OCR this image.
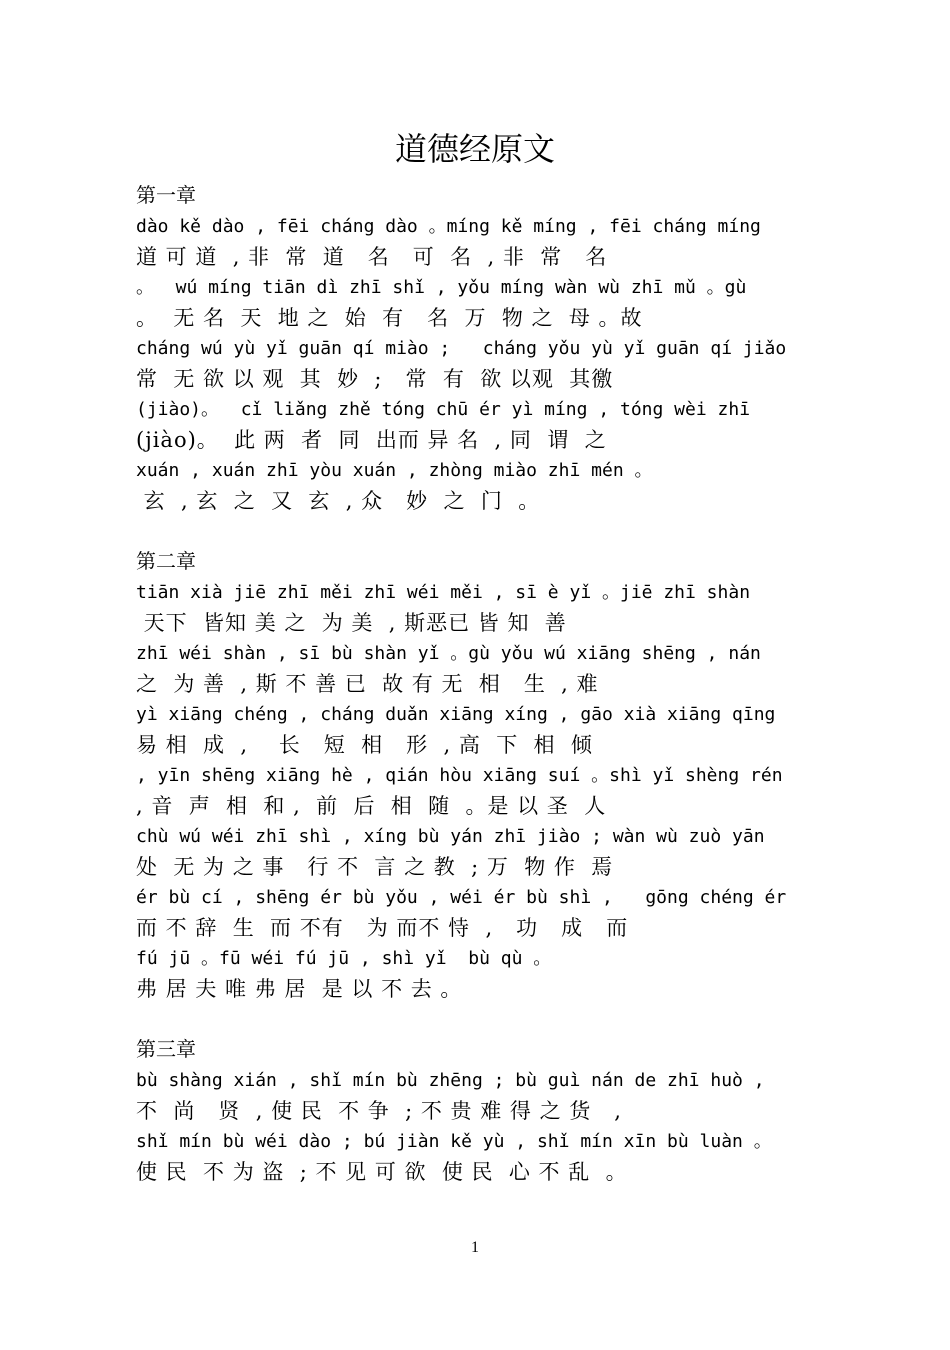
道德经原文
第一章
dào kě dào , fēi cháng dào 。míng kě míng , fēi cháng míng
道 可 道  , 非  常  道   名   可  名  , 非  常   名
。  wú míng tiān dì zhī shǐ , yǒu míng wàn wù zhī mǔ 。gù
。  无 名  天  地 之  始  有   名  万  物 之  母 。故
cháng wú yù yǐ guān qí miào ;   cháng yǒu yù yǐ guān qí jiǎo
常  无 欲 以 观  其  妙  ;   常  有  欲 以观  其徼
(jiào)。  cǐ liǎng zhě tóng chū ér yì míng , tóng wèi zhī
(jiào)。  此 两  者  同  出而 异 名  , 同  谓  之
xuán , xuán zhī yòu xuán , zhòng miào zhī mén 。
玄  , 玄  之  又  玄  , 众   妙  之  门  。
第二章
tiān xià jiē zhī měi zhī wéi měi , sī è yǐ 。jiē zhī shàn
天下  皆知 美 之  为 美  , 斯恶已 皆 知  善
zhī wéi shàn , sī bù shàn yǐ 。gù yǒu wú xiāng shēng , nán
之  为 善  , 斯 不 善 已  故 有 无  相   生  , 难
yì xiāng chéng , cháng duǎn xiāng xíng , gāo xià xiāng qīng
易 相  成  ,    长   短  相   形  , 高  下  相  倾
, yīn shēng xiāng hè , qián hòu xiāng suí 。shì yǐ shèng rén
, 音  声  相  和 ,  前  后  相  随  。是 以 圣  人
chù wú wéi zhī shì , xíng bù yán zhī jiào ; wàn wù zuò yān
处  无 为 之 事   行 不  言 之 教  ; 万  物 作  焉
ér bù cí , shēng ér bù yǒu , wéi ér bù shì ,   gōng chéng ér
而 不 辞  生  而 不有   为 而不 恃  ,   功   成   而
fú jū 。fū wéi fú jū , shì yǐ  bù qù 。
弗 居 夫 唯 弗 居  是 以 不 去 。
第三章
bù shàng xián , shǐ mín bù zhēng ; bù guì nán de zhī huò ,
不  尚   贤  , 使 民  不 争  ; 不 贵 难 得 之 货   ,
shǐ mín bù wéi dào ; bú jiàn kě yù , shǐ mín xīn bù luàn 。
使 民  不 为 盗  ; 不 见 可 欲  使 民  心 不 乱  。
1
